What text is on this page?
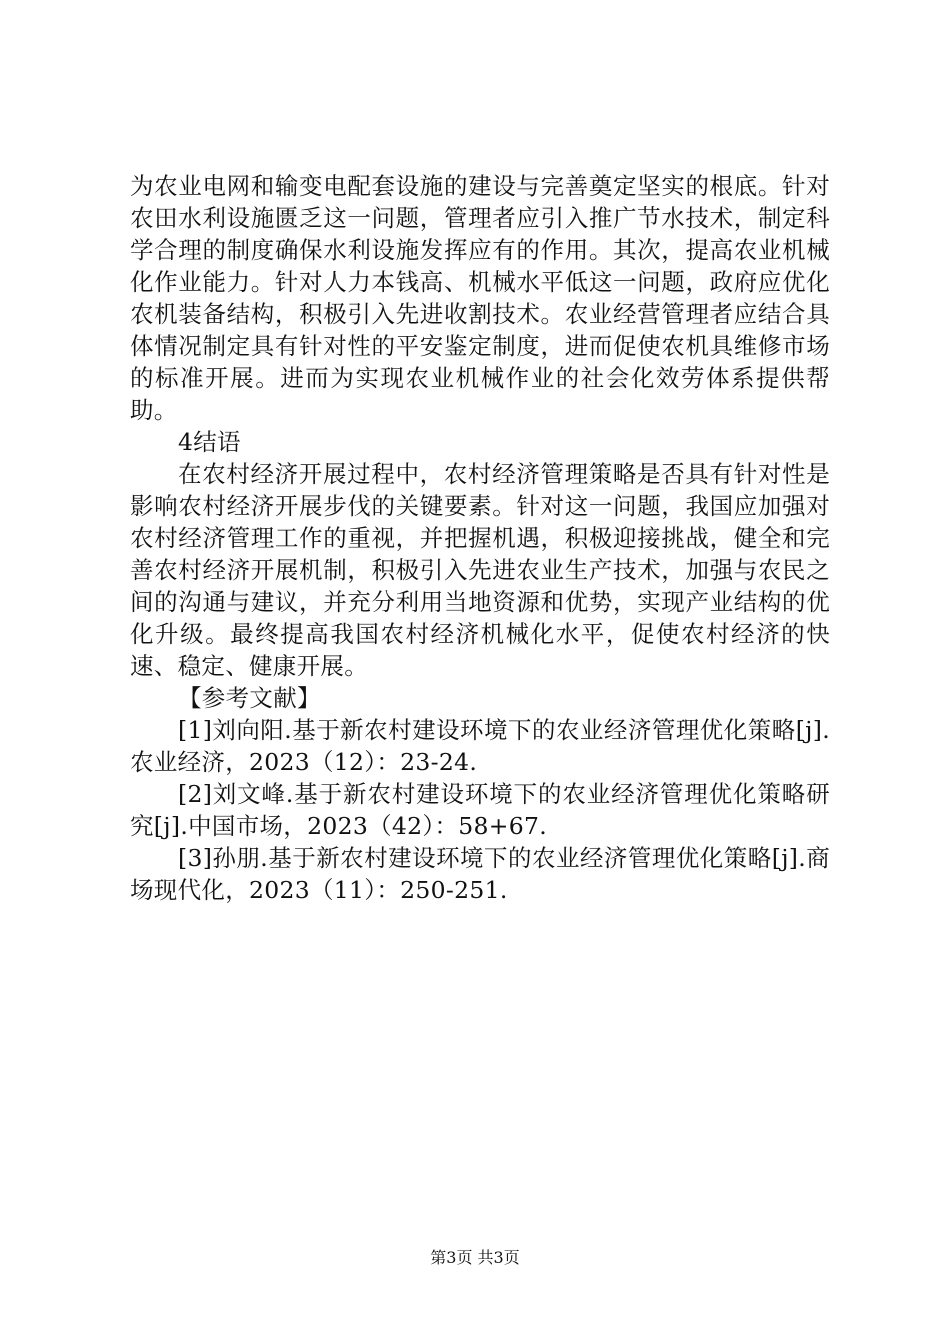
为农业电网和输变电配套设施的建设与完善奠定坚实的根底。针对农田水利设施匮乏这一问题，管理者应引入推广节水技术，制定科学合理的制度确保水利设施发挥应有的作用。其次，提高农业机械化作业能力。针对人力本钱高、机械水平低这一问题，政府应优化农机装备结构，积极引入先进收割技术。农业经营管理者应结合具体情况制定具有针对性的平安鉴定制度，进而促使农机具维修市场的标准开展。进而为实现农业机械作业的社会化效劳体系提供帮助。

4结语

在农村经济开展过程中，农村经济管理策略是否具有针对性是影响农村经济开展步伐的关键要素。针对这一问题，我国应加强对农村经济管理工作的重视，并把握机遇，积极迎接挑战，健全和完善农村经济开展机制，积极引入先进农业生产技术，加强与农民之间的沟通与建议，并充分利用当地资源和优势，实现产业结构的优化升级。最终提高我国农村经济机械化水平，促使农村经济的快速、稳定、健康开展。

【参考文献】

[1]刘向阳.基于新农村建设环境下的农业经济管理优化策略[j].农业经济，2023（12）：23-24.

[2]刘文峰.基于新农村建设环境下的农业经济管理优化策略研究[j].中国市场，2023（42）：58+67.

[3]孙朋.基于新农村建设环境下的农业经济管理优化策略[j].商场现代化，2023（11）：250-251.

第3页 共3页
